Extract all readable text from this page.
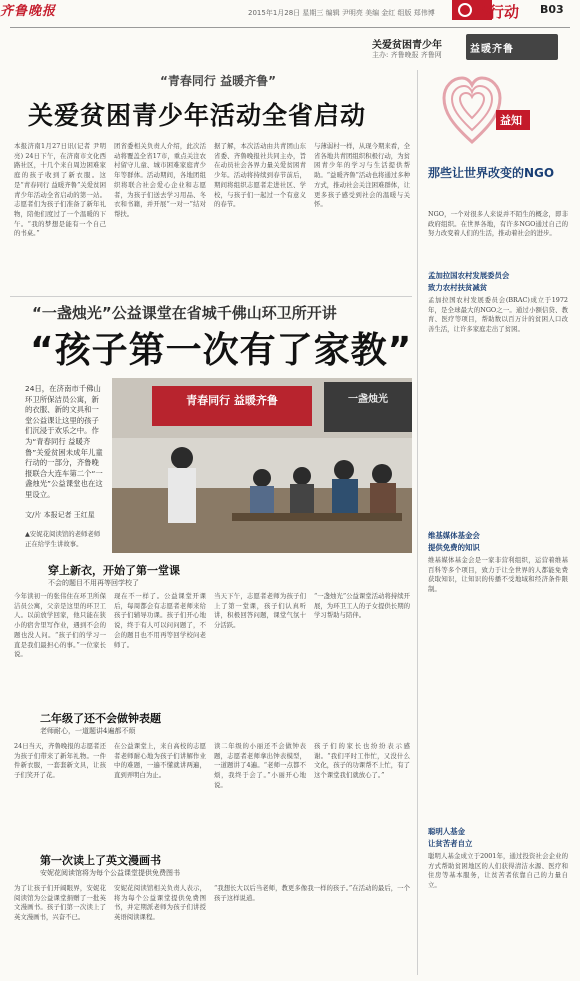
齐鲁晚报	2015年1月28日 星期三 编辑 尹明亮 美编 金红 组版 郑伟博	益行动 B03
关爱贫困青少年
主办: 齐鲁晚报 齐鲁网	益暖齐鲁
“青春同行 益暖齐鲁”
关爱贫困青少年活动全省启动
本报济南1月27日讯(记者 尹明亮) 24日下午，在济南市文化西路社区，十几个来自周边困难家庭的孩子收到了新衣服。这是“青春同行 益暖齐鲁”关爱贫困青少年活动全省启动的第一站。志愿者们为孩子们准备了新年礼物，陪他们度过了一个温暖的下午。“我的梦想是能有一个自己的书桌。”
团省委相关负责人介绍，此次活动将覆盖全省17市，重点关注农村留守儿童、城市困难家庭青少年等群体。活动期间，各地团组织将联合社会爱心企业和志愿者，为孩子们送去学习用品、冬衣和书籍，并开展“一对一”结对帮扶。
据了解，本次活动由共青团山东省委、齐鲁晚报社共同主办，旨在动员社会各界力量关爱贫困青少年。活动将持续到春节前后，期间将组织志愿者走进社区、学校，与孩子们一起过一个有意义的春节。
与薄弱村一样，从现今期来看，全省各地共青团组织积极行动，为贫困青少年的学习与生活提供帮助。“益暖齐鲁”活动也将通过多种方式，推动社会关注困难群体，让更多孩子感受到社会的温暖与关怀。
“一盏烛光”公益课堂在省城千佛山环卫所开讲
“孩子第一次有了家教”
24日，在济南市千佛山环卫所保洁员公寓，新的衣服、新的文具和一堂公益课让这里的孩子们沉浸于欢乐之中。作为“青春同行 益暖齐鲁”关爱贫困未成年儿童行动的一部分，齐鲁晚报联合大连车第二个“一盏烛光”公益课堂也在这里设立。
文/片 本报记者 王红星
▲安妮花阅读馆的老师老师正在给学生讲故事。
青春同行 益暖齐鲁	一盏烛光
穿上新衣，开始了第一堂课
不会的题目不用再等回学校了
今年读初一的张伟住在环卫所保洁员公寓，父亲是这里的环卫工人。以前放学回家，他只能在狭小的宿舍里写作业，遇到不会的题也没人问。“孩子们的学习一直是我们最担心的事。”一位家长说。
现在不一样了。公益课堂开课后，每周都会有志愿者老师来给孩子们辅导功课。孩子们开心地说，终于有人可以问问题了，不会的题目也不用再等回学校问老师了。
当天下午，志愿者老师为孩子们上了第一堂课，孩子们认真听讲，积极回答问题，课堂气氛十分活跃。
“一盏烛光”公益课堂活动将持续开展，为环卫工人的子女提供长期的学习帮助与陪伴。
二年级了还不会做钟表题
老师耐心，一道题讲4遍都不烦
24日当天，齐鲁晚报的志愿者还为孩子们带来了新年礼物。一件件新衣服，一套套新文具，让孩子们笑开了花。
在公益课堂上，来自高校的志愿者老师耐心地为孩子们讲解作业中的难题，一遍不懂就讲两遍，直到弄明白为止。
读二年级的小丽还不会做钟表题，志愿者老师拿出钟表模型，一道题讲了4遍。“老师一点都不烦，我终于会了。”小丽开心地说。
孩子们的家长也纷纷表示感谢。“我们平时工作忙，又没什么文化，孩子的功课帮不上忙，有了这个课堂我们就放心了。”
第一次读上了英文漫画书
安妮花阅读馆将为每个公益课堂提供免费图书
为了让孩子们开阔眼界，安妮花阅读馆为公益课堂捐赠了一批英文漫画书。孩子们第一次读上了英文漫画书，兴奋不已。
安妮花阅读馆相关负责人表示，将为每个公益课堂提供免费图书，并定期派老师为孩子们讲授英语阅读课程。
“我想长大以后当老师，教更多像我一样的孩子。”在活动的最后，一个孩子这样说道。
益知
那些让世界改变的NGO
NGO，一个对很多人来说并不陌生的概念，即非政府组织。在世界各地，有许多NGO通过自己的努力改变着人们的生活，推动着社会的进步。
孟加拉国农村发展委员会
致力农村扶贫减贫
孟加拉国农村发展委员会(BRAC)成立于1972年，是全球最大的NGO之一。通过小额信贷、教育、医疗等项目，帮助数以百万计的贫困人口改善生活，让许多家庭走出了贫困。
维基媒体基金会
提供免费的知识
维基媒体基金会是一家非营利组织，运营着维基百科等多个项目，致力于让全世界的人都能免费获取知识，让知识的传播不受地域和经济条件限制。
聪明人基金
让贫苦者自立
聪明人基金成立于2001年，通过投资社会企业的方式帮助贫困地区的人们获得清洁水源、医疗和住房等基本服务，让贫苦者依靠自己的力量自立。
